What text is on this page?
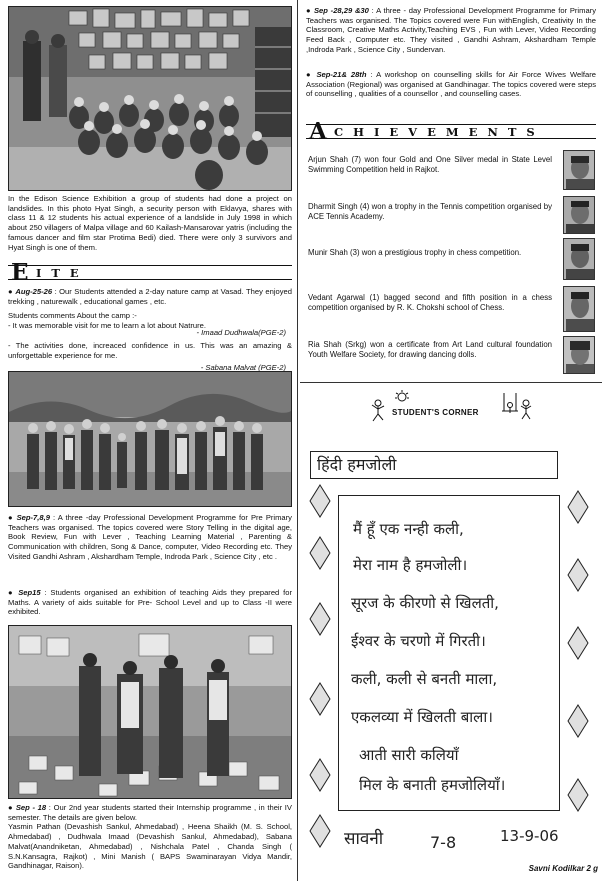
In the Edison Science Exhibition a group of students had done a project on landslides. In this photo Hyat Singh, a security person with Eklavya, shares with class 11 & 12 students his actual experience of a landslide in July 1998 in which about 250 villagers of Malpa village and 60 Kailash-Mansarovar yatris (including the famous dancer and film star Protima Bedi) died. There were only 3 survivors and Hyat Singh is one of them.
E ITE
● Aug-25-26 : Our Students attended a 2-day nature camp at Vasad. They enjoyed trekking , naturewalk , educational games , etc.
Students comments About the camp :-
- It was memorable visit for me to learn a lot about Natrure.
- Imaad Dudhwala(PGE-2)
- The activities done, increaced confidence in us. This was an amazing & unforgettable experience for me.
- Sabana Malvat (PGE-2)
● Sep-7,8,9 : A three -day Professional Development Programme for Pre Primary Teachers was organised. The topics covered were Story Telling in the digital age, Book Review, Fun with Lever , Teaching Learning Material , Parenting & Communication with children, Song & Dance, computer, Video Recording etc. They Visited Gandhi Ashram , Akshardham Temple, Indroda Park , Science City , etc .
● Sep15 : Students organised an exhibition of teaching Aids they prepared for Maths. A variety of aids suitable for Pre- School Level and up to Class -II were exhibited.
● Sep - 18 : Our 2nd year students started their Internship programme , in their IV semester. The details are given below.
Yasmin Pathan (Devashish Sankul, Ahmedabad) , Heena Shaikh (M. S. School, Ahmedabad) , Dudhwala Imaad (Devashish Sankul, Ahmedabad), Sabana Malvat(Anandniketan, Ahmedabad) , Nishchala Patel , Chanda Singh ( S.N.Kansagra, Rajkot) , Mini Manish ( BAPS Swaminarayan Vidya Mandir, Gandhinagar, Raison).
● Sep -28,29 &30 : A three - day Professional Development Programme for Primary Teachers was organised. The Topics covered were Fun withEnglish, Creativity In the Classroom, Creative Maths Activity,Teaching EVS , Fun with Lever, Video Recording Feed Back , Computer etc. They visited , Gandhi Ashram, Akshardham Temple ,Indroda Park , Science City , Sundervan.
● Sep-21& 28th : A workshop on counselling skills for Air Force Wives Welfare Association (Regional) was organised at Gandhinagar. The topics covered were steps of counselling , qualities of a counsellor , and counselling cases.
A CHIEVEMENTS
Arjun Shah (7) won four Gold and One Silver medal in State Level Swimming Competition held in Rajkot.
Dharmit Singh (4) won a trophy in the Tennis competition organised by ACE Tennis Academy.
Munir Shah (3) won a prestigious trophy in chess competition.
Vedant Agarwal (1) bagged second and fifth position in a chess competition organised by R. K. Chokshi school of Chess.
Ria Shah (Srkg) won a certificate from Art Land cultural foundation Youth Welfare Society, for drawing dancing dolls.
STUDENT'S CORNER
हिंदी हमजोली
मैं हूँ एक नन्ही कली,
मेरा नाम है हमजोली।
सूरज के कीरणो से खिलती,
ईश्वर के चरणो में गिरती।
कली, कली से बनती माला,
एकलव्या में खिलती बाला।
आती सारी कलियाँ
मिल के बनाती हमजोलियाँ।
सावनी	7-8	13-9-06
Savni Kodilkar 2 g
